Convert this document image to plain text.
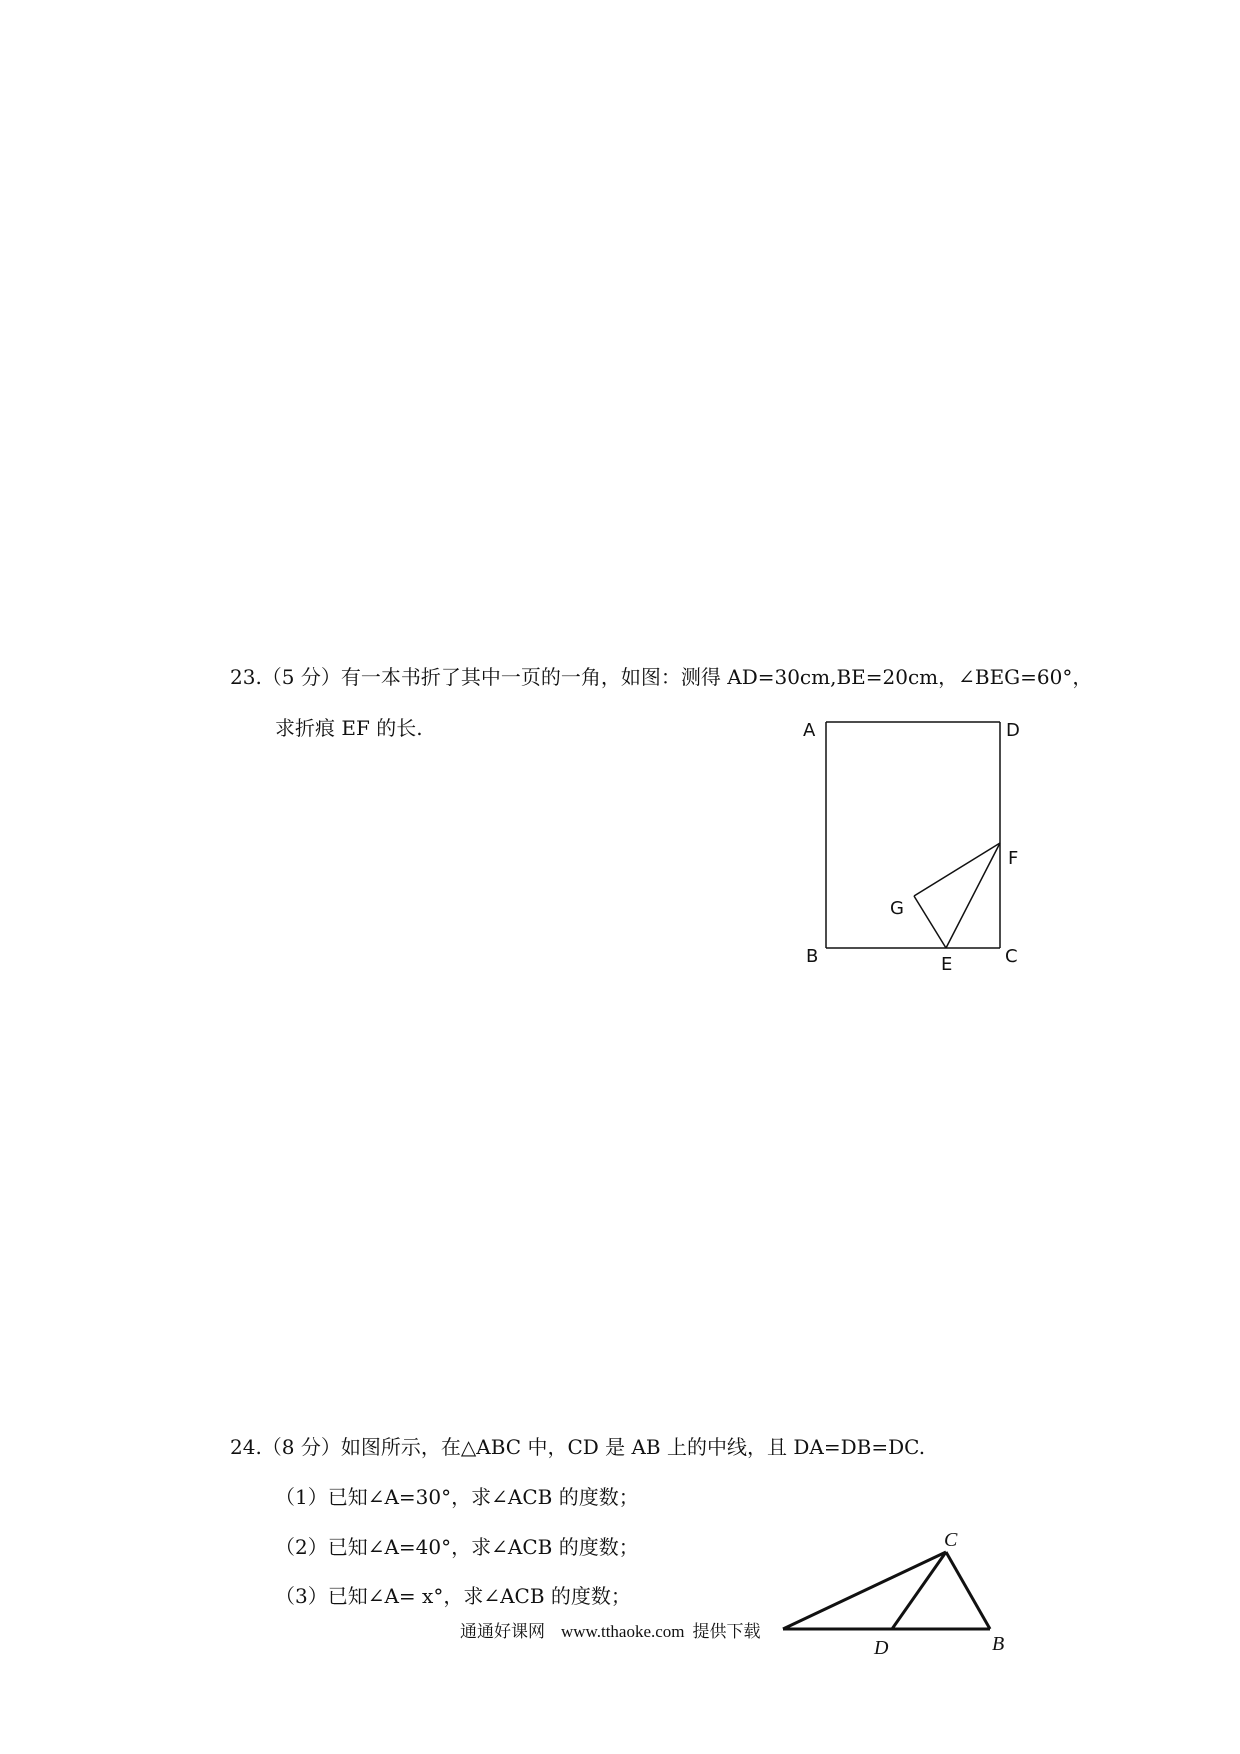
23.（5 分）有一本书折了其中一页的一角，如图：测得 AD=30cm,BE=20cm，∠BEG=60°，
求折痕 EF 的长.	A	D
F
G
B	E	C
24.（8 分）如图所示，在△ABC 中，CD 是 AB 上的中线，且 DA=DB=DC.
（1）已知∠A=30°，求∠ACB 的度数；
（2）已知∠A=40°，求∠ACB 的度数；
（3）已知∠A= x°，求∠ACB 的度数；
C
D	B
通通好课网 www.tthaoke.com 提供下载
